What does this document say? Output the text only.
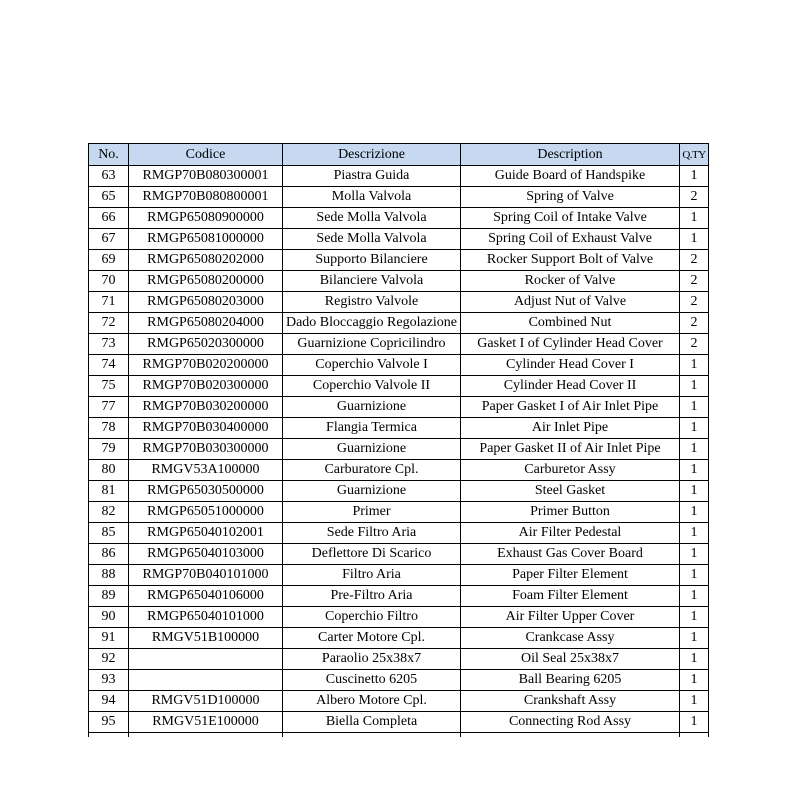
No.	Codice	Descrizione	Description	Q.TY
63	RMGP70B080300001	Piastra Guida	Guide Board of Handspike	1
65	RMGP70B080800001	Molla Valvola	Spring of Valve	2
66	RMGP65080900000	Sede Molla Valvola	Spring Coil of Intake Valve	1
67	RMGP65081000000	Sede Molla Valvola	Spring Coil of Exhaust Valve	1
69	RMGP65080202000	Supporto Bilanciere	Rocker Support Bolt of Valve	2
70	RMGP65080200000	Bilanciere Valvola	Rocker of Valve	2
71	RMGP65080203000	Registro Valvole	Adjust Nut of Valve	2
72	RMGP65080204000	Dado Bloccaggio Regolazione	Combined Nut	2
73	RMGP65020300000	Guarnizione Copricilindro	Gasket I of Cylinder Head Cover	2
74	RMGP70B020200000	Coperchio Valvole I	Cylinder Head Cover I	1
75	RMGP70B020300000	Coperchio Valvole II	Cylinder Head Cover II	1
77	RMGP70B030200000	Guarnizione	Paper Gasket I of Air Inlet Pipe	1
78	RMGP70B030400000	Flangia Termica	Air Inlet Pipe	1
79	RMGP70B030300000	Guarnizione	Paper Gasket II of Air Inlet Pipe	1
80	RMGV53A100000	Carburatore Cpl.	Carburetor Assy	1
81	RMGP65030500000	Guarnizione	Steel Gasket	1
82	RMGP65051000000	Primer	Primer Button	1
85	RMGP65040102001	Sede Filtro Aria	Air Filter Pedestal	1
86	RMGP65040103000	Deflettore Di Scarico	Exhaust Gas Cover Board	1
88	RMGP70B040101000	Filtro Aria	Paper Filter Element	1
89	RMGP65040106000	Pre-Filtro Aria	Foam Filter Element	1
90	RMGP65040101000	Coperchio Filtro	Air Filter Upper Cover	1
91	RMGV51B100000	Carter Motore Cpl.	Crankcase Assy	1
92		Paraolio 25x38x7	Oil Seal 25x38x7	1
93		Cuscinetto 6205	Ball Bearing 6205	1
94	RMGV51D100000	Albero Motore Cpl.	Crankshaft Assy	1
95	RMGV51E100000	Biella Completa	Connecting Rod Assy	1
